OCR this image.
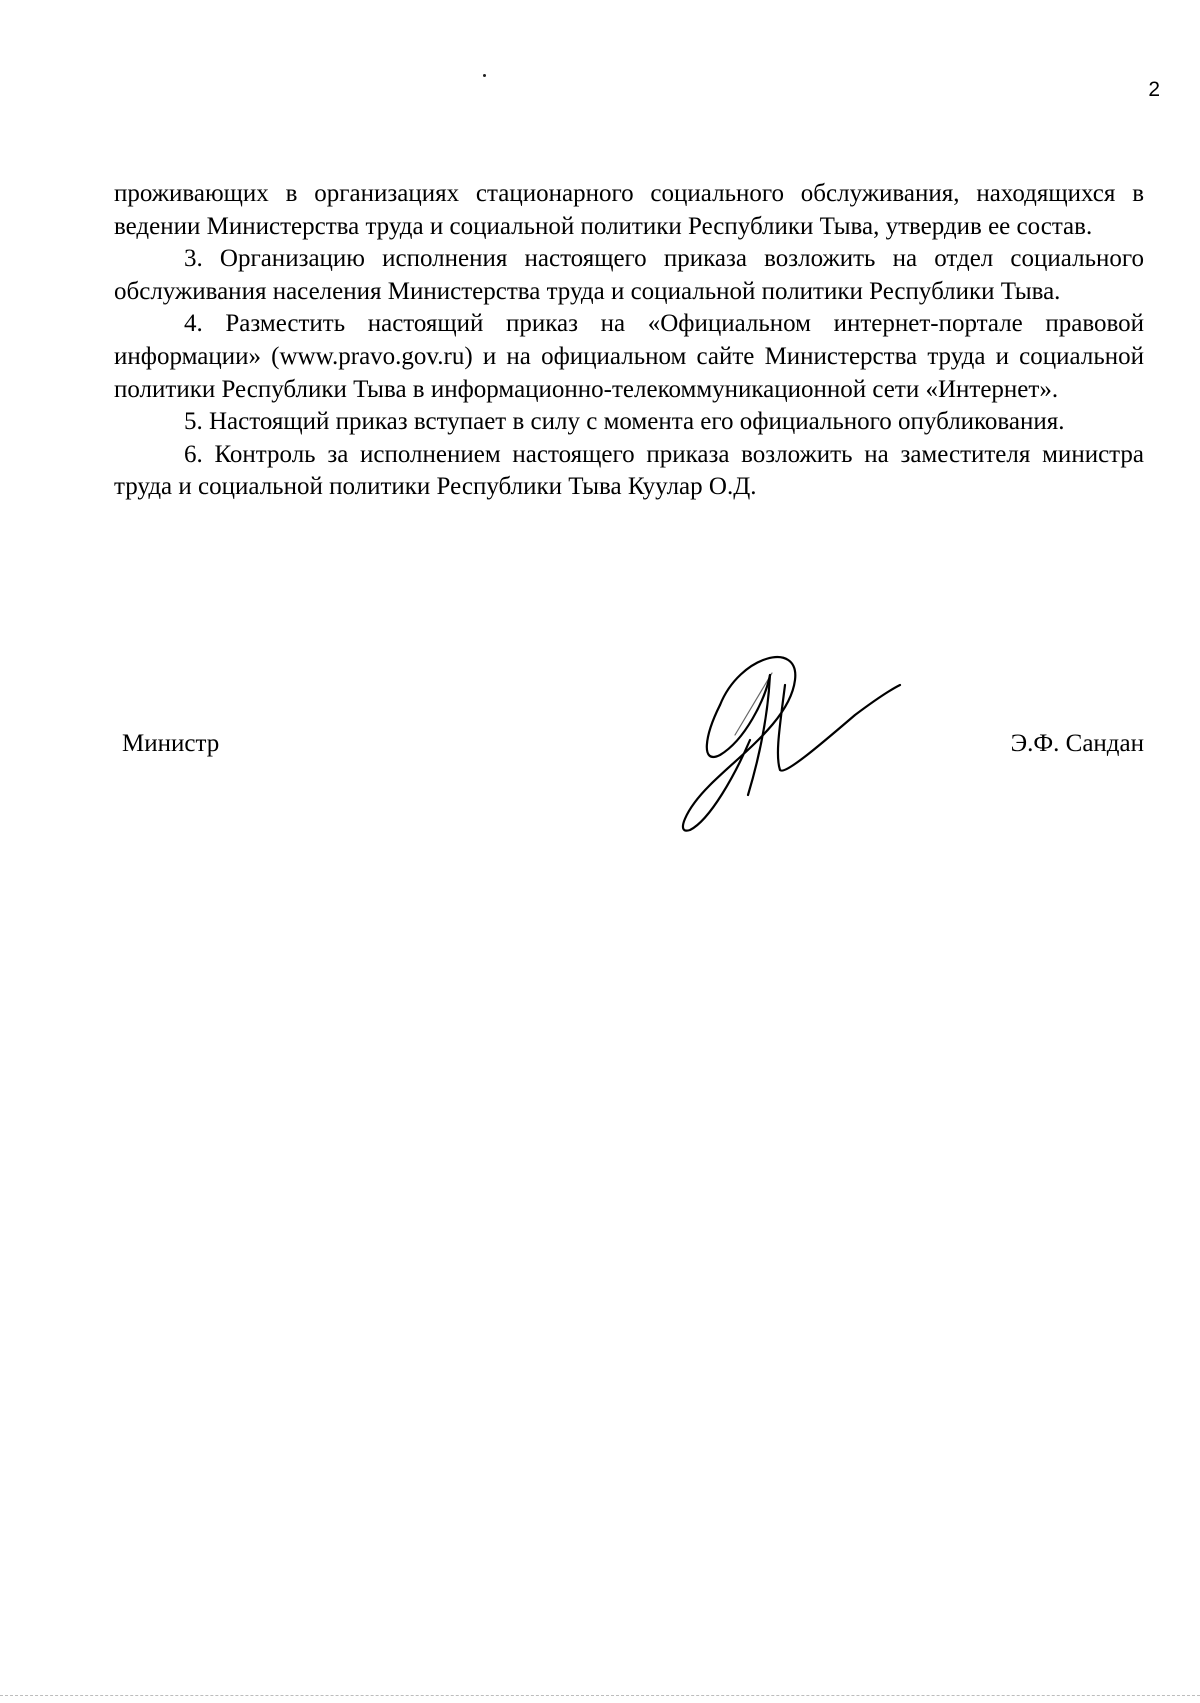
2

проживающих в организациях стационарного социального обслуживания, находящихся в ведении Министерства труда и социальной политики Республики Тыва, утвердив ее состав.

3. Организацию исполнения настоящего приказа возложить на отдел социального обслуживания населения Министерства труда и социальной политики Республики Тыва.

4. Разместить настоящий приказ на «Официальном интернет-портале правовой информации» (www.pravo.gov.ru) и на официальном сайте Министерства труда и социальной политики Республики Тыва в информационно-телекоммуникационной сети «Интернет».

5. Настоящий приказ вступает в силу с момента его официального опубликования.

6. Контроль за исполнением настоящего приказа возложить на заместителя министра труда и социальной политики Республики Тыва Куулар О.Д.

Министр	Э.Ф. Сандан
